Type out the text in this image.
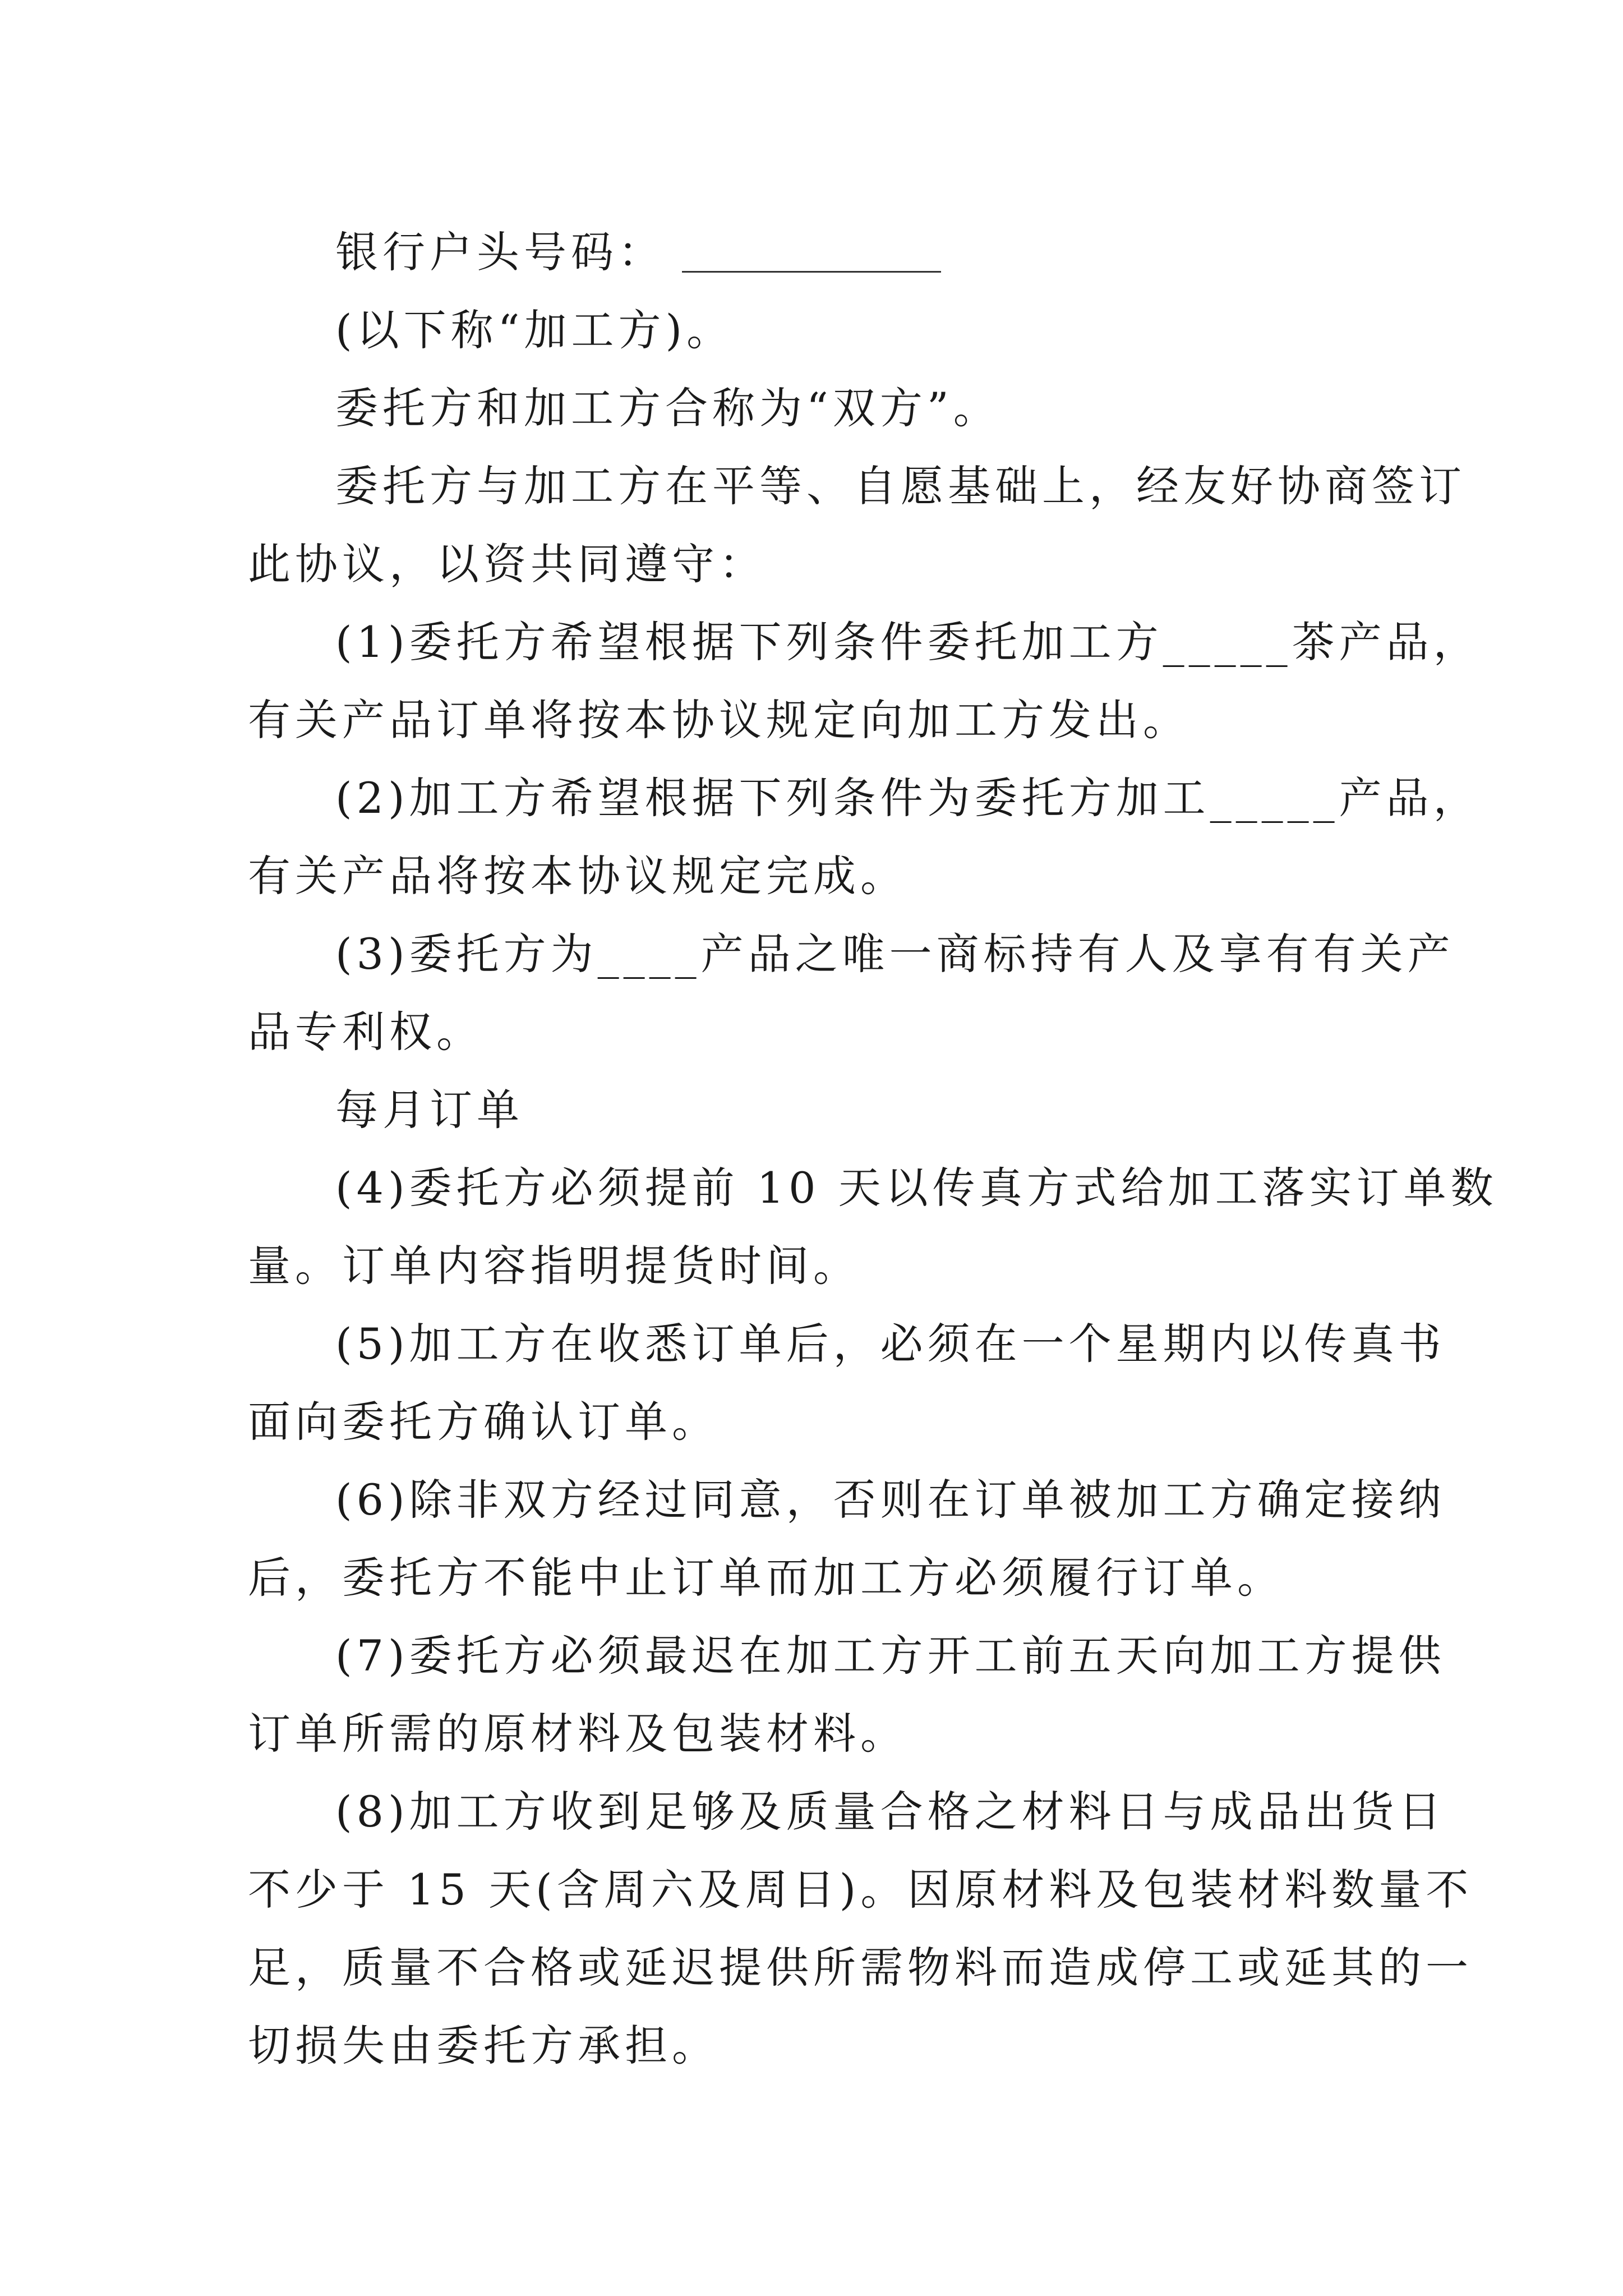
银行户头号码：
(以下称“加工方)。
委托方和加工方合称为“双方”。
委托方与加工方在平等、自愿基础上，经友好协商签订
此协议，以资共同遵守：
(1)委托方希望根据下列条件委托加工方_____茶产品，
有关产品订单将按本协议规定向加工方发出。
(2)加工方希望根据下列条件为委托方加工_____产品，
有关产品将按本协议规定完成。
(3)委托方为____产品之唯一商标持有人及享有有关产
品专利权。
每月订单
(4)委托方必须提前 10 天以传真方式给加工落实订单数
量。订单内容指明提货时间。
(5)加工方在收悉订单后，必须在一个星期内以传真书
面向委托方确认订单。
(6)除非双方经过同意，否则在订单被加工方确定接纳
后，委托方不能中止订单而加工方必须履行订单。
(7)委托方必须最迟在加工方开工前五天向加工方提供
订单所需的原材料及包装材料。
(8)加工方收到足够及质量合格之材料日与成品出货日
不少于 15 天(含周六及周日)。因原材料及包装材料数量不
足，质量不合格或延迟提供所需物料而造成停工或延其的一
切损失由委托方承担。
